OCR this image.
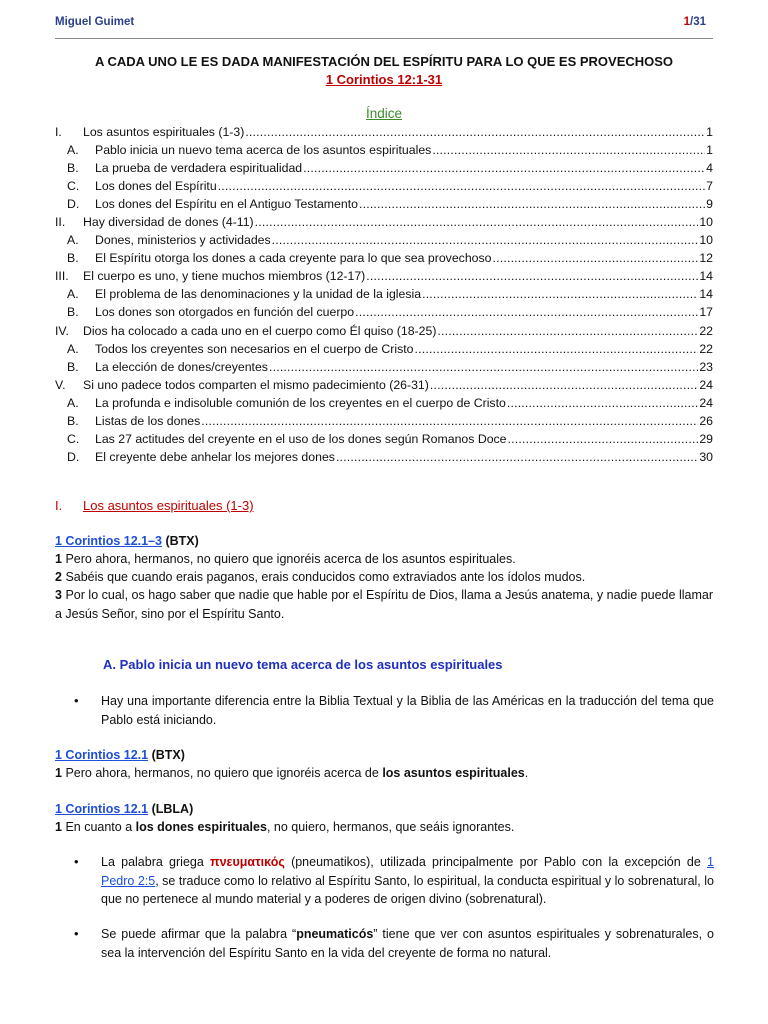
Miguel Guimet	1/31
A CADA UNO LE ES DADA MANIFESTACIÓN DEL ESPÍRITU PARA LO QUE ES PROVECHOSO
1 Corintios 12:1-31
Índice
I.	Los asuntos espirituales (1-3) .....	1
A.	Pablo inicia un nuevo tema acerca de los asuntos espirituales .....	1
B.	La prueba de verdadera espiritualidad .....	4
C.	Los dones del Espíritu .....	7
D.	Los dones del Espíritu en el Antiguo Testamento .....	9
II.	Hay diversidad de dones (4-11) .....	10
A.	Dones, ministerios y actividades .....	10
B.	El Espíritu otorga los dones a cada creyente para lo que sea provechoso .....	12
III.	El cuerpo es uno, y tiene muchos miembros (12-17) .....	14
A.	El problema de las denominaciones y la unidad de la iglesia .....	14
B.	Los dones son otorgados en función del cuerpo .....	17
IV.	Dios ha colocado a cada uno en el cuerpo como Él quiso (18-25) .....	22
A.	Todos los creyentes son necesarios en el cuerpo de Cristo .....	22
B.	La elección de dones/creyentes .....	23
V.	Si uno padece todos comparten el mismo padecimiento (26-31) .....	24
A.	La profunda e indisoluble comunión de los creyentes en el cuerpo de Cristo .....	24
B.	Listas de los dones .....	26
C.	Las 27 actitudes del creyente en el uso de los dones según Romanos Doce .....	29
D.	El creyente debe anhelar los mejores dones .....	30
I. Los asuntos espirituales (1-3)
1 Corintios 12.1–3 (BTX)
1 Pero ahora, hermanos, no quiero que ignoréis acerca de los asuntos espirituales.
2 Sabéis que cuando erais paganos, erais conducidos como extraviados ante los ídolos mudos.
3 Por lo cual, os hago saber que nadie que hable por el Espíritu de Dios, llama a Jesús anatema, y nadie puede llamar a Jesús Señor, sino por el Espíritu Santo.
A. Pablo inicia un nuevo tema acerca de los asuntos espirituales
• Hay una importante diferencia entre la Biblia Textual y la Biblia de las Américas en la traducción del tema que Pablo está iniciando.
1 Corintios 12.1 (BTX)
1 Pero ahora, hermanos, no quiero que ignoréis acerca de los asuntos espirituales.
1 Corintios 12.1 (LBLA)
1 En cuanto a los dones espirituales, no quiero, hermanos, que seáis ignorantes.
• La palabra griega πνευματικός (pneumatikos), utilizada principalmente por Pablo con la excepción de 1 Pedro 2:5, se traduce como lo relativo al Espíritu Santo, lo espiritual, la conducta espiritual y lo sobrenatural, lo que no pertenece al mundo material y a poderes de origen divino (sobrenatural).
• Se puede afirmar que la palabra “pneumaticós” tiene que ver con asuntos espirituales y sobrenaturales, o sea la intervención del Espíritu Santo en la vida del creyente de forma no natural.
